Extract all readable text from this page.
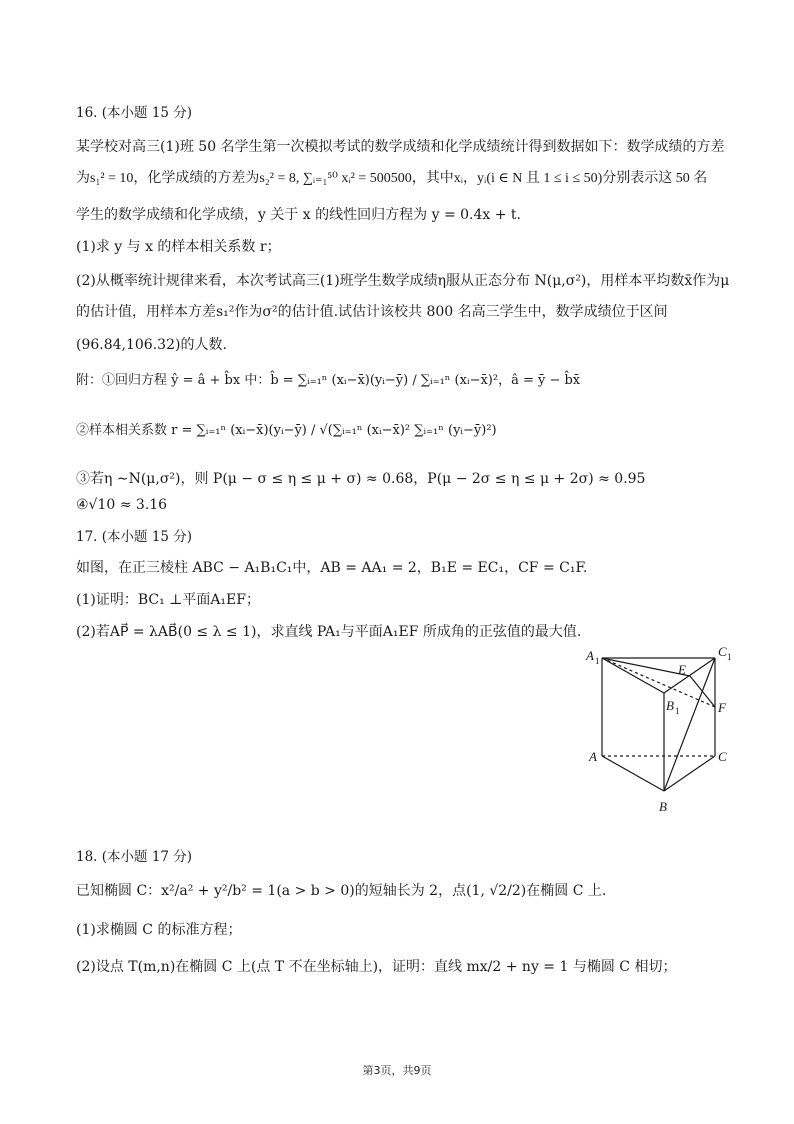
16. (本小题 15 分)
某学校对高三(1)班 50 名学生第一次模拟考试的数学成绩和化学成绩统计得到数据如下：数学成绩的方差
为s₁² = 10，化学成绩的方差为s₂² = 8, ∑ᵢ₌₁⁵⁰ xᵢ² = 500500，其中xᵢ，yᵢ(i ∈ N 且 1 ≤ i ≤ 50)分别表示这 50 名
学生的数学成绩和化学成绩，y 关于 x 的线性回归方程为 y = 0.4x + t.
(1)求 y 与 x 的样本相关系数 r；
(2)从概率统计规律来看，本次考试高三(1)班学生数学成绩η服从正态分布 N(μ,σ²)，用样本平均数x̄作为μ
的估计值，用样本方差s₁²作为σ²的估计值.试估计该校共 800 名高三学生中，数学成绩位于区间
(96.84,106.32)的人数.
附：①回归方程 ŷ = â + b̂x 中：b̂ = ∑ᵢ₌₁ⁿ (xᵢ−x̄)(yᵢ−ȳ) / ∑ᵢ₌₁ⁿ (xᵢ−x̄)²，â = ȳ − b̂x̄
②样本相关系数 r = ∑ᵢ₌₁ⁿ (xᵢ−x̄)(yᵢ−ȳ) / √(∑ᵢ₌₁ⁿ (xᵢ−x̄)² ∑ᵢ₌₁ⁿ (yᵢ−ȳ)²)
③若η ∼N(μ,σ²)，则 P(μ − σ ≤ η ≤ μ + σ) ≈ 0.68，P(μ − 2σ ≤ η ≤ μ + 2σ) ≈ 0.95
④√10 ≈ 3.16
17. (本小题 15 分)
如图，在正三棱柱 ABC − A₁B₁C₁中，AB = AA₁ = 2，B₁E = EC₁，CF = C₁F.
(1)证明：BC₁ ⊥平面A₁EF；
(2)若AP⃗ = λAB⃗(0 ≤ λ ≤ 1)，求直线 PA₁与平面A₁EF 所成角的正弦值的最大值.
A 1
C 1
E
B 1	F
A	C
B
18. (本小题 17 分)
已知椭圆 C：x²/a² + y²/b² = 1(a > b > 0)的短轴长为 2，点(1, √2/2)在椭圆 C 上.
(1)求椭圆 C 的标准方程；
(2)设点 T(m,n)在椭圆 C 上(点 T 不在坐标轴上)，证明：直线 mx/2 + ny = 1 与椭圆 C 相切；
第3页，共9页
